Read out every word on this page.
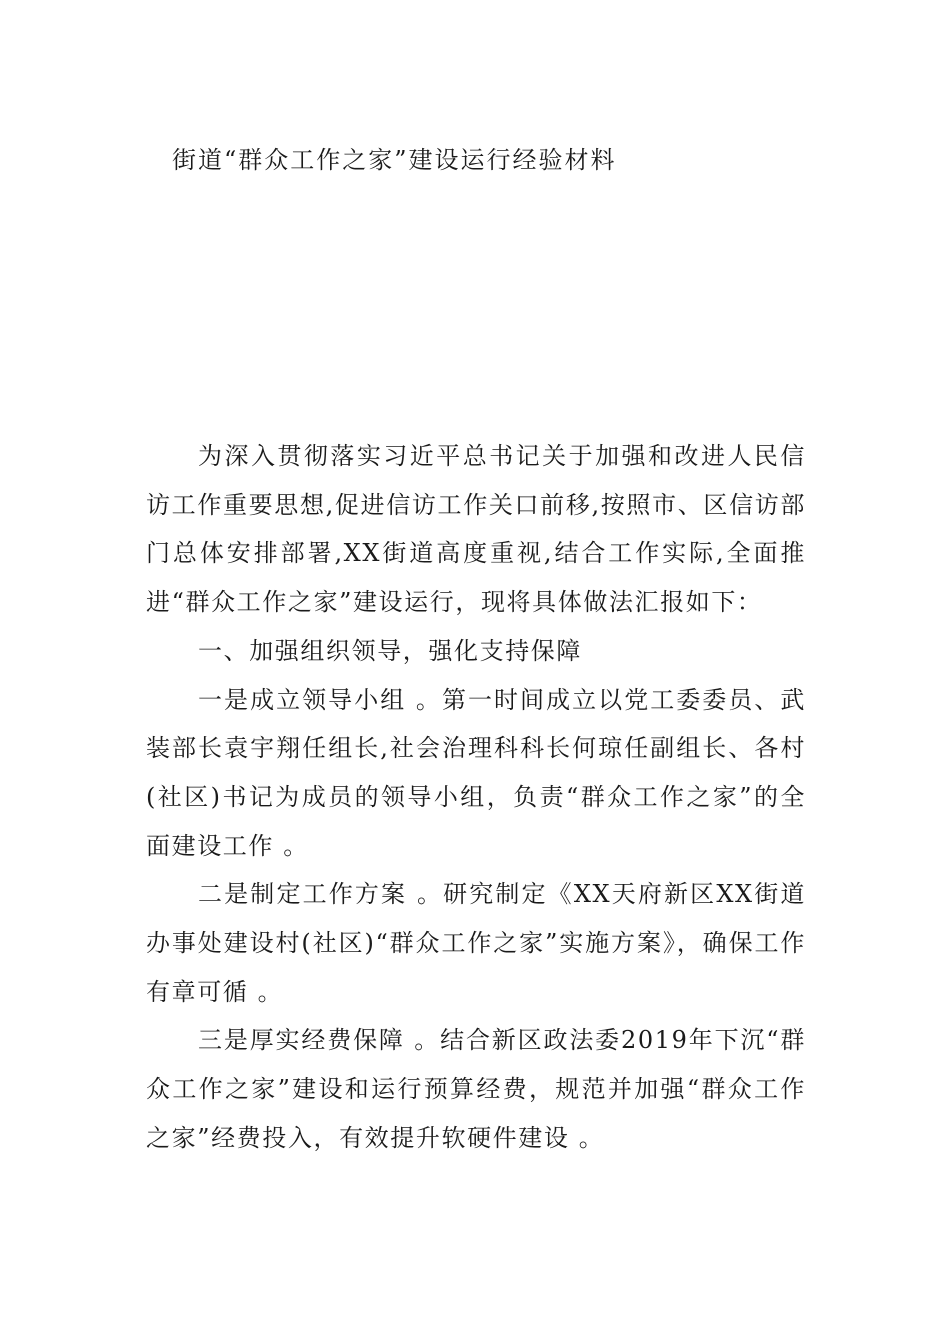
街道“群众工作之家”建设运行经验材料

为深入贯彻落实习近平总书记关于加强和改进人民信访工作重要思想,促进信访工作关口前移,按照市、区信访部门总体安排部署,XX街道高度重视,结合工作实际,全面推进“群众工作之家”建设运行，现将具体做法汇报如下：

一、加强组织领导，强化支持保障

一是成立领导小组 。第一时间成立以党工委委员、武装部长袁宇翔任组长,社会治理科科长何琼任副组长、各村(社区)书记为成员的领导小组，负责“群众工作之家”的全面建设工作 。

二是制定工作方案 。研究制定《XX天府新区XX街道办事处建设村(社区)“群众工作之家”实施方案》，确保工作有章可循 。

三是厚实经费保障 。结合新区政法委2019年下沉“群众工作之家”建设和运行预算经费，规范并加强“群众工作之家”经费投入，有效提升软硬件建设 。
